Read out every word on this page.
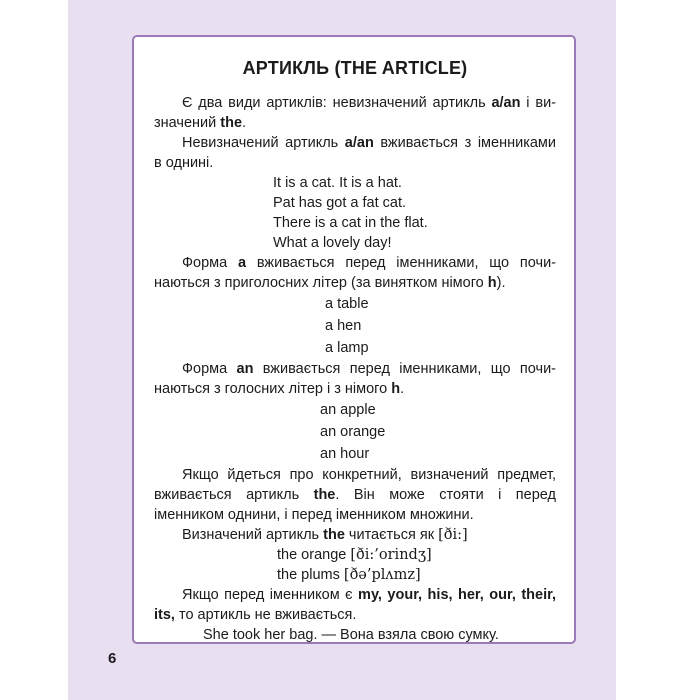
АРТИКЛЬ (THE ARTICLE)
Є два види артиклів: невизначений артикль a/an і ви-
значений the.
Невизначений артикль a/an вживається з іменниками
в однині.
It is a cat. It is a hat.
Pat has got a fat cat.
There is a cat in the flat.
What a lovely day!
Форма a вживається перед іменниками, що почи-
наються з приголосних літер (за винятком німого h).
a table
a hen
a lamp
Форма an вживається перед іменниками, що почи-
наються з голосних літер і з німого h.
an apple
an orange
an hour
Якщо йдеться про конкретний, визначений предмет,
вживається артикль the. Він може стояти і перед
іменником однини, і перед іменником множини.
Визначений артикль the читається як [ði:]
the orange [ði:’orindʒ]
the plums [ðə’plʌmz]
Якщо перед іменником є my, your, his, her, our, their,
its, то артикль не вживається.
She took her bag. — Вона взяла свою сумку.
6
